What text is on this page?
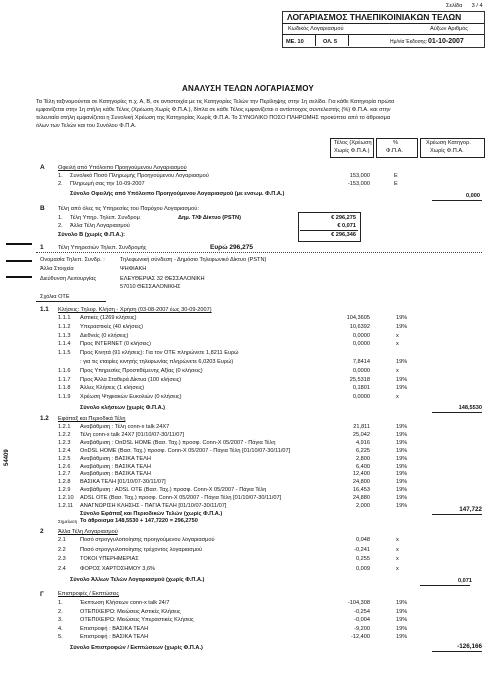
Σελίδα 3 / 4
ΛΟΓΑΡΙΑΣΜΟΣ ΤΗΛΕΠΙΚΟΙΝΙΑΚΩΝ ΤΕΛΩΝ
Κωδικός Λογαριασμού	Αύξων Αριθμός
ΜΕ. 10	ΟΛ. 5	Ημ/νία Έκδοσης: 01-10-2007
ΑΝΑΛΥΣΗ ΤΕΛΩΝ ΛΟΓΑΡΙΑΣΜΟΥ
Τα Τέλη ταξινομούνται σε Κατηγορίες π.χ. Α, Β, σε αντιστοιχία με τις Κατηγορίες Τελών την Περίληψης στην 1η σελίδα. Για κάθε Κατηγορία πρώτα
εμφανίζεται στην 1η στήλη κάθε Τέλος (Χρέωση Χωρίς Φ.Π.Α.), δίπλα σε κάθε Τέλος εμφανίζεται ο αντίστοιχος συντελεστής (%) Φ.Π.Α. και στην
τελευταία στήλη εμφανίζεται η Συνολική Χρέωση της Κατηγορίας Χωρίς Φ.Π.Α. Το ΣΥΝΟΛΙΚΟ ΠΟΣΟ ΠΛΗΡΩΜΗΣ προκύπτει από το άθροισμα
όλων των Τελών και του Συνόλου Φ.Π.Α.
Τέλος (Χρέωση
Χωρίς Φ.Π.Α.)
%
Φ.Π.Α.
Χρέωση Κατηγορ.
Χωρίς Φ.Π.Α.
Α Οφειλή από Υπόλοιπο Προηγούμενου Λογαριασμού
1. Συνολικό Ποσό Πληρωμής Προηγούμενου Λογαριασμού	153,000	Ε
2. Πληρωμή σας την 10-09-2007	-153,000	Ε
Σύνολο Οφειλής από Υπόλοιπο Προηγούμενου Λογαριασμού (με ενσωμ. Φ.Π.Α.)	0,000
Β Τέλη από όλες τις Υπηρεσίες του Παρόχου Λογαριασμού:
1. Τέλη Υπηρ. Τηλεπ. Συνδρομ	Δημ. Τ/Φ Δίκτυο (PSTN)	€ 296,275
2. Άλλα Τέλη Λογαριασμού	€ 0,071
Σύνολο Β (χωρίς Φ.Π.Α.):	€ 296,346
1	Τέλη Υπηρεσιών Τηλεπ. Συνδρομής	Ευρώ 296,275
Ονομασία Τηλεπ. Συνδρ. :	Τηλεφωνική σύνδεση - Δημόσιο Τηλεφωνικό Δίκτυο (PSTN)
Άλλα Στοιχεία	ΨΗΦΙΑΚΗ
Διεύθυνση Λειτουργίας	ΕΛΕΥΘΕΡΙΑΣ 32 ΘΕΣΣΑΛΟΝΙΚΗ
57010 ΘΕΣΣΑΛΟΝΙΚΗΣ
Σχόλια ΟΤΕ
1.1 Κλήσεις: Τηλεφ. Κλήση - Χρήση (03-08-2007 έως 30-09-2007)
1.1.1 Αστικές (1269 κλήσεις)	104,3605	19%
1.1.2 Υπεραστικές (40 κλήσεις)	10,6392	19%
1.1.3 Διεθνείς (0 κλήσεις)	0,0000	x
1.1.4 Προς INTERNET (0 κλήσεις)	0,0000	x
1.1.5 Προς Κινητά (91 κλήσεις): Για τον ΟΤΕ πληρώνετε 1,8211 Ευρώ
: για τις εταιρίες κινητής τηλεφωνίας πληρώνετε 6,0203 Ευρώ)	7,8414	19%
1.1.6 Προς Υπηρεσίες Προστιθέμενης Αξίας (0 κλήσεις)	0,0000	x
1.1.7 Προς Άλλα Σταθερά Δίκτυα (100 κλήσεις)	25,5318	19%
1.1.8 Άλλες Κλήσεις (1 κλήσεις)	0,1801	19%
1.1.9 Χρέωση Ψηφιακών Ευκολιών (0 κλήσεις)	0,0000	x
Σύνολο κλήσεων (χωρίς Φ.Π.Α.)	148,5530
1.2 Εφάπαξ και Περιοδικά Τέλη
1.2.1 Αναβάθμιση : Τέλη conn-x talk 24X7	21,811	19%
1.2.2 Τέλη conn-x talk 24X7 [01/10/07-30/11/07]	25,042	19%
1.2.3 Αναβάθμιση : OnDSL HOME (Βασ. Ταχ.) προσφ. Conn-X 05/2007 - Πάγια Τέλη	4,916	19%
1.2.4 OnDSL HOME (Βασ. Ταχ.) προσφ. Conn-X 05/2007 - Πάγια Τέλη [01/10/07-30/11/07]	6,225	19%
1.2.5 Αναβάθμιση : ΒΑΣΙΚΑ ΤΕΛΗ	2,800	19%
1.2.6 Αναβάθμιση : ΒΑΣΙΚΑ ΤΕΛΗ	6,400	19%
1.2.7 Αναβάθμιση : ΒΑΣΙΚΑ ΤΕΛΗ	12,400	19%
1.2.8 ΒΑΣΙΚΑ ΤΕΛΗ [01/10/07-30/11/07]	24,800	19%
1.2.9 Αναβάθμιση : ADSL OTE (Βασ. Ταχ.) προσφ. Conn-X 05/2007 - Πάγια Τέλη	16,453	19%
1.2.10 ADSL OTE (Βασ. Ταχ.) προσφ. Conn-X 05/2007 - Πάγια Τέλη [01/10/07-30/11/07]	24,880	19%
1.2.11 ΑΝΑΓΝΩΡΙΣΗ ΚΛΗΣΗΣ - ΠΑΓΙΑ ΤΕΛΗ [01/10/07-30/11/07]	2,000	19%
Σύνολο Εφάπαξ και Περιοδικών Τελών (χωρίς Φ.Π.Α.)
147,722
Σημείωση Το άθροισμα 148,5530 + 147,7220 = 296,2750
2	Άλλα Τέλη Λογαριασμού
2.1	Ποσό στρογγυλοποίησης προηγούμενου λογαριασμού	0,048	x
2.2	Ποσό στρογγυλοποίησης τρέχοντος λογαριασμού	-0,241	x
2.3	ΤΟΚΟΙ ΥΠΕΡΗΜΕΡΙΑΣ	0,255	x
2.4	ΦΟΡΟΣ ΧΑΡΤΟΣΗΜΟΥ 3,6%	0,009	x
Σύνολο Άλλων Τελών Λογαριασμού (χωρίς Φ.Π.Α.)	0,071
Γ	Επιστροφές / Εκπτώσεις
1.	Έκπτωση Κλήσεων conn-x talk 24/7	-104,308	19%
2.	ΟΤΕΠΙΧΕΙΡΩ: Μειώσεις Αστικές Κλήσεις	-0,254	19%
3.	ΟΤΕΠΙΧΕΙΡΩ: Μειώσεις Υπεραστικές Κλήσεις	-0,004	19%
4.	Επιστροφή : ΒΑΣΙΚΑ ΤΕΛΗ	-9,200	19%
5.	Επιστροφή : ΒΑΣΙΚΑ ΤΕΛΗ	-12,400	19%
Σύνολο Επιστροφών / Εκπτώσεων (χωρίς Φ.Π.Α.)	-126,166
54409
